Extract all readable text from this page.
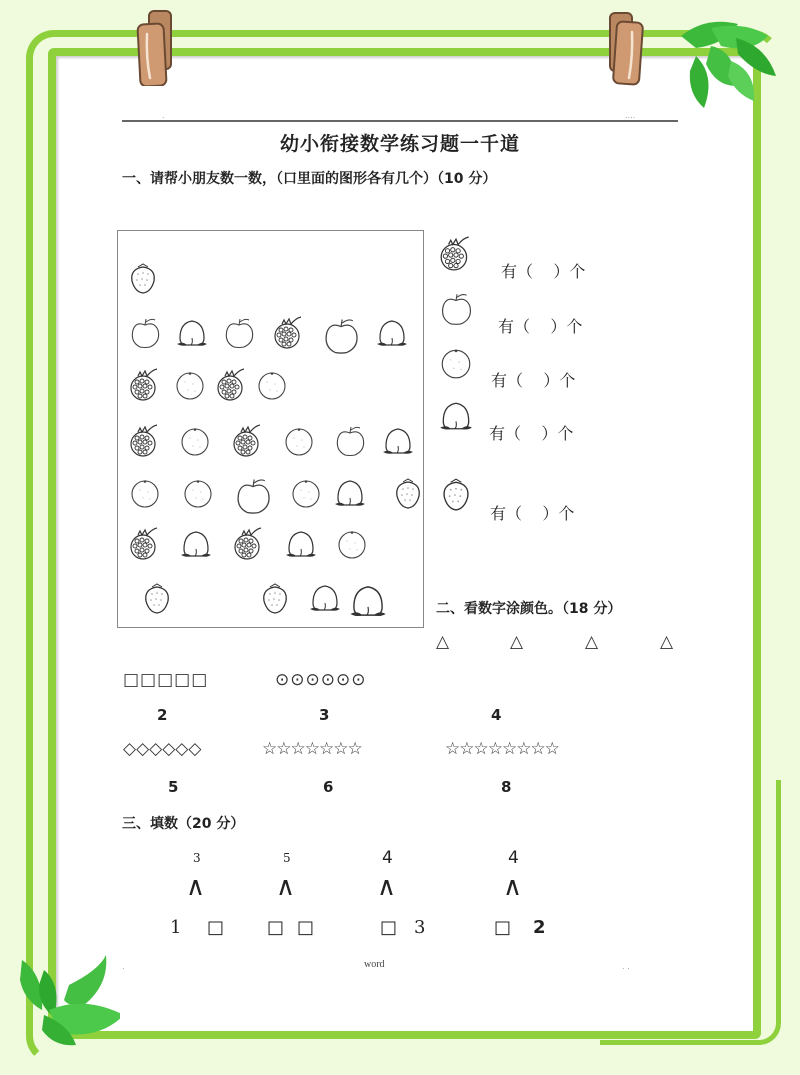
.	....
幼小衔接数学练习题一千道
一、请帮小朋友数一数，（口里面的图形各有几个）（10 分）
有（    ）个
有（    ）个
有（    ）个
有（    ）个
有（    ）个
二、看数字涂颜色。（18 分）
△	△	△	△
□□□□□	⊙⊙⊙⊙⊙⊙
2	3	4
◇◇◇◇◇◇	☆☆☆☆☆☆☆	☆☆☆☆☆☆☆☆
5	6	8
三、填数（20 分）
3
∧
1 □
5
∧
□ □
4
∧
□ 3
4
∧
□ 2
.	word	. .
